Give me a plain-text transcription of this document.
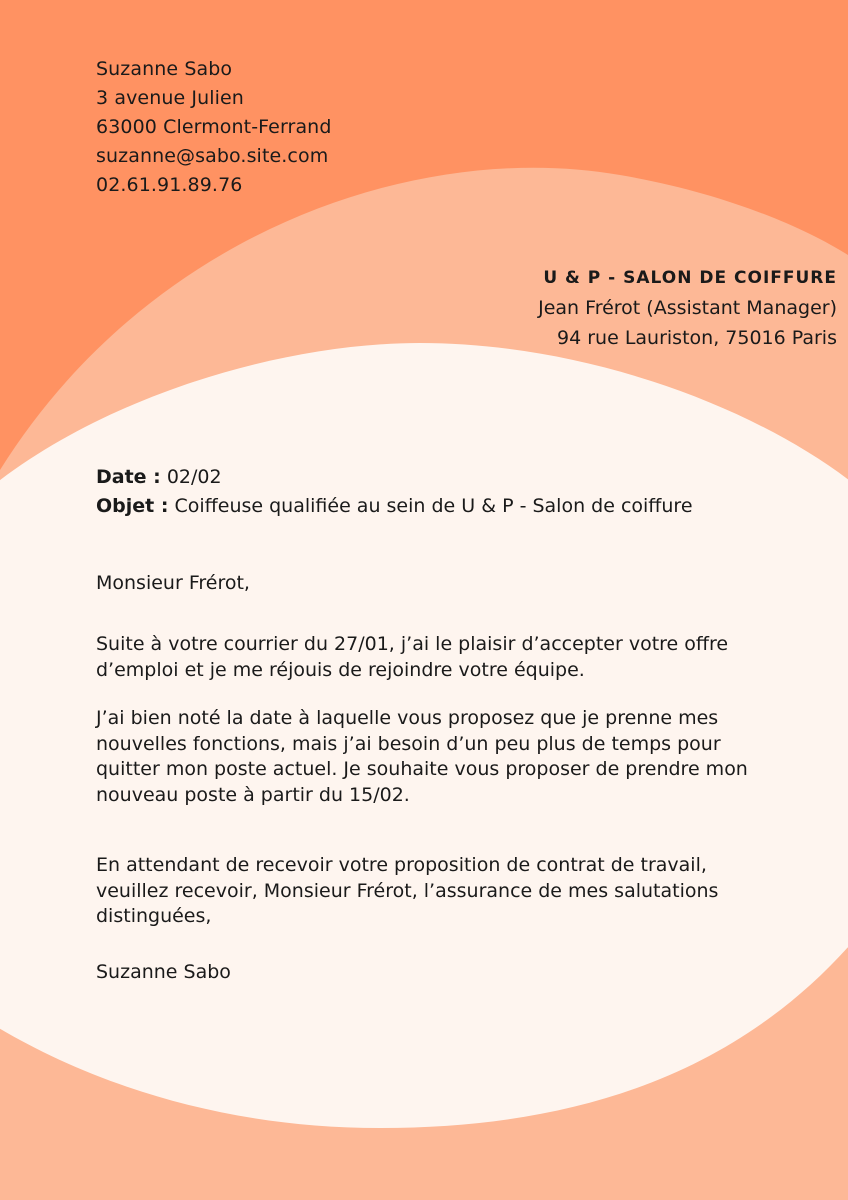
Suzanne Sabo
3 avenue Julien
63000 Clermont-Ferrand
suzanne@sabo.site.com
02.61.91.89.76
U & P - SALON DE COIFFURE
Jean Frérot (Assistant Manager)
94 rue Lauriston, 75016 Paris
Date : 02/02
Objet : Coiffeuse qualifiée au sein de U & P - Salon de coiffure

Monsieur Frérot,

Suite à votre courrier du 27/01, j’ai le plaisir d’accepter votre offre d’emploi et je me réjouis de rejoindre votre équipe.

J’ai bien noté la date à laquelle vous proposez que je prenne mes nouvelles fonctions, mais j’ai besoin d’un peu plus de temps pour quitter mon poste actuel. Je souhaite vous proposer de prendre mon nouveau poste à partir du 15/02.

En attendant de recevoir votre proposition de contrat de travail, veuillez recevoir, Monsieur Frérot, l’assurance de mes salutations distinguées,

Suzanne Sabo
